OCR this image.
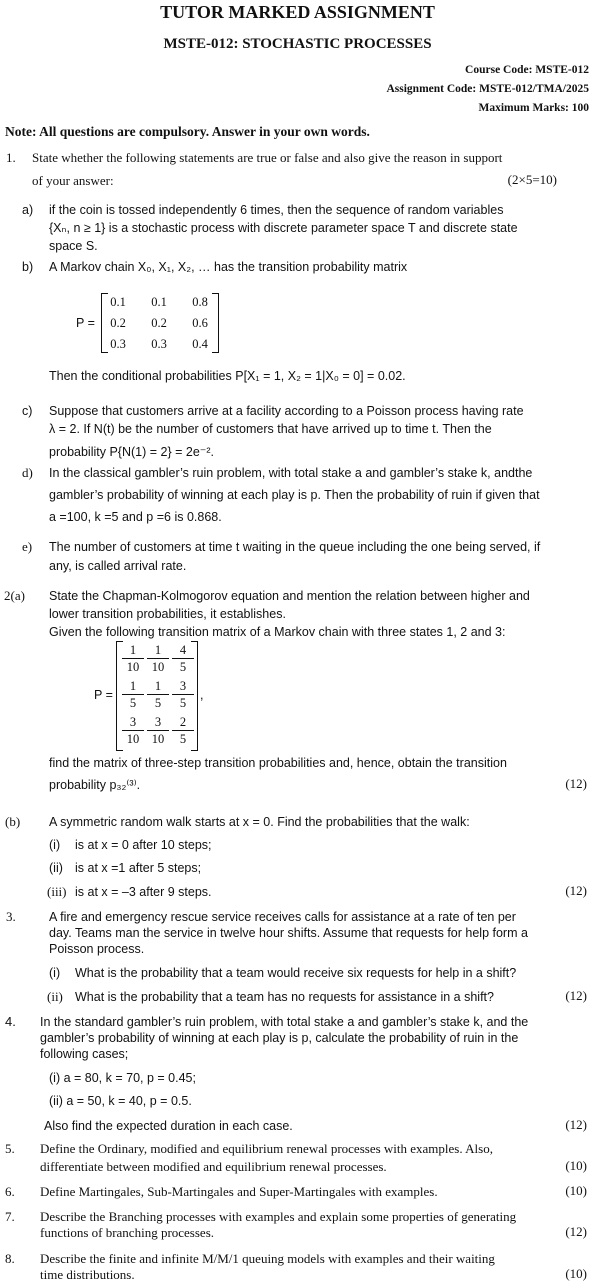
TUTOR MARKED ASSIGNMENT
MSTE-012: STOCHASTIC PROCESSES
Course Code: MSTE-012
Assignment Code: MSTE-012/TMA/2025
Maximum Marks: 100
Note: All questions are compulsory. Answer in your own words.
1. State whether the following statements are true or false and also give the reason in support
of your answer:	(2×5=10)
a) if the coin is tossed independently 6 times, then the sequence of random variables
{Xₙ, n ≥ 1} is a stochastic process with discrete parameter space T and discrete state
space S.
b) A Markov chain X₀, X₁, X₂, … has the transition probability matrix
P =
0.1	0.1	0.8
0.2	0.2	0.6
0.3	0.3	0.4
Then the conditional probabilities P[X₁ = 1, X₂ = 1|X₀ = 0] = 0.02.
c) Suppose that customers arrive at a facility according to a Poisson process having rate
λ = 2. If N(t) be the number of customers that have arrived up to time t. Then the
probability P{N(1) = 2} = 2e⁻².
d) In the classical gambler’s ruin problem, with total stake a and gambler’s stake k, andthe
gambler’s probability of winning at each play is p. Then the probability of ruin if given that
a =100, k =5 and p =6 is 0.868.
e) The number of customers at time t waiting in the queue including the one being served, if
any, is called arrival rate.
2(a) State the Chapman-Kolmogorov equation and mention the relation between higher and
lower transition probabilities, it establishes.
Given the following transition matrix of a Markov chain with three states 1, 2 and 3:
P =	,
$\frac{1}{10} \frac{1}{10} \frac{4}{5}$
$\frac{1}{5} \frac{1}{5} \frac{3}{5}$
$\frac{3}{10} \frac{3}{10} \frac{2}{5}$
find the matrix of three-step transition probabilities and, hence, obtain the transition
probability p₃₂⁽³⁾.	(12)
(b) A symmetric random walk starts at x = 0. Find the probabilities that the walk:
(i) is at x = 0 after 10 steps;
(ii) is at x =1 after 5 steps;
(iii) is at x = –3 after 9 steps.	(12)
3.	A fire and emergency rescue service receives calls for assistance at a rate of ten per
day. Teams man the service in twelve hour shifts. Assume that requests for help form a
Poisson process.
(i) What is the probability that a team would receive six requests for help in a shift?
(ii) What is the probability that a team has no requests for assistance in a shift?	(12)
4. In the standard gambler’s ruin problem, with total stake a and gambler’s stake k, and the
gambler’s probability of winning at each play is p, calculate the probability of ruin in the
following cases;
(i) a = 80, k = 70, p = 0.45;
(ii) a = 50, k = 40, p = 0.5.
Also find the expected duration in each case.	(12)
5. Define the Ordinary, modified and equilibrium renewal processes with examples. Also,
differentiate between modified and equilibrium renewal processes.	(10)
6. Define Martingales, Sub-Martingales and Super-Martingales with examples.	(10)
7. Describe the Branching processes with examples and explain some properties of generating
functions of branching processes.	(12)
8. Describe the finite and infinite M/M/1 queuing models with examples and their waiting
time distributions.	(10)
